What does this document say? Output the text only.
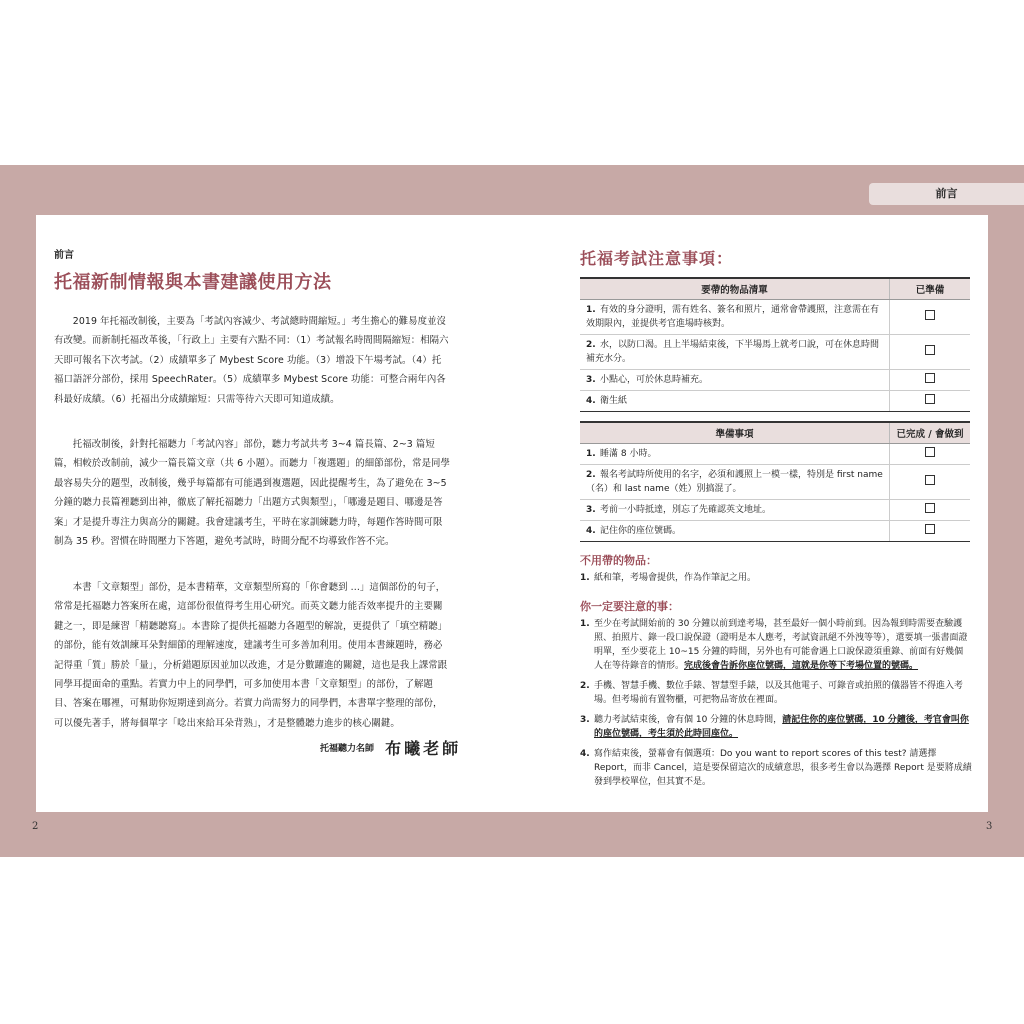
前言
前言
托福新制情報與本書建議使用方法

2019 年托福改制後，主要為「考試內容減少、考試總時間縮短。」考生擔心的難易度並沒有改變。而新制托福改革後，「行政上」主要有六點不同：（1）考試報名時間間隔縮短：相隔六天即可報名下次考試。（2）成績單多了 Mybest Score 功能。（3）增設下午場考試。（4）托福口語評分部份，採用 SpeechRater。（5）成績單多 Mybest Score 功能：可整合兩年內各科最好成績。（6）托福出分成績縮短：只需等待六天即可知道成績。

托福改制後，針對托福聽力「考試內容」部份，聽力考試共考 3~4 篇長篇、2~3 篇短篇，相較於改制前，減少一篇長篇文章（共 6 小題）。而聽力「複選題」的細節部份，常是同學最容易失分的題型，改制後，幾乎每篇都有可能遇到複選題，因此提醒考生，為了避免在 3~5 分鐘的聽力長篇裡聽到出神，徹底了解托福聽力「出題方式與類型」，「哪邊是題目、哪邊是答案」才是提升專注力與高分的關鍵。我會建議考生，平時在家訓練聽力時，每題作答時間可限制為 35 秒。習慣在時間壓力下答題，避免考試時，時間分配不均導致作答不完。

本書「文章類型」部份，是本書精華，文章類型所寫的「你會聽到 ...」這個部份的句子，常常是托福聽力答案所在處，這部份很值得考生用心研究。而英文聽力能否效率提升的主要關鍵之一，即是練習「精聽聽寫」。本書除了提供托福聽力各題型的解說，更提供了「填空精聽」的部份，能有效訓練耳朵對細節的理解速度，建議考生可多善加利用。使用本書練題時，務必記得重「質」勝於「量」，分析錯題原因並加以改進，才是分數躍進的關鍵，這也是我上課常跟同學耳提面命的重點。若實力中上的同學們，可多加使用本書「文章類型」的部份，了解題目、答案在哪裡，可幫助你短期達到高分。若實力尚需努力的同學們，本書單字整理的部份，可以優先著手，將每個單字「唸出來給耳朵背熟」，才是整體聽力進步的核心關鍵。

托福聽力名師 布曦老師
2
托福考試注意事項：
要帶的物品清單	已準備
1. 有效的身分證明，需有姓名、簽名和照片，通常會帶護照，注意需在有效期限內，並提供考官進場時核對。	
2. 水，以防口渴。且上半場結束後，下半場馬上就考口說，可在休息時間補充水分。	
3. 小點心，可於休息時補充。	
4. 衛生紙	
準備事項	已完成 / 會做到
1. 睡滿 8 小時。	
2. 報名考試時所使用的名字，必須和護照上一模一樣，特別是 first name（名）和 last name（姓）別搞混了。	
3. 考前一小時抵達，別忘了先確認英文地址。	
4. 記住你的座位號碼。	
不用帶的物品：
1. 紙和筆，考場會提供，作為作筆記之用。
你一定要注意的事：
1. 至少在考試開始前的 30 分鐘以前到達考場，甚至最好一個小時前到。因為報到時需要查驗護照、拍照片、錄一段口說保證（證明是本人應考，考試資訊絕不外洩等等），還要填一張書面證明單，至少要花上 10~15 分鐘的時間，另外也有可能會遇上口說保證須重錄、前面有好幾個人在等待錄音的情形。完成後會告訴你座位號碼，這就是你等下考場位置的號碼。
2. 手機、智慧手機、數位手錶、智慧型手錶，以及其他電子、可錄音或拍照的儀器皆不得進入考場。但考場前有置物櫃，可把物品寄放在裡面。
3. 聽力考試結束後，會有個 10 分鐘的休息時間，請記住你的座位號碼，10 分鐘後，考官會叫你的座位號碼，考生須於此時回座位。
4. 寫作結束後，螢幕會有個選項：Do you want to report scores of this test? 請選擇 Report，而非 Cancel，這是要保留這次的成績意思，很多考生會以為選擇 Report 是要將成績發到學校單位，但其實不是。
3
